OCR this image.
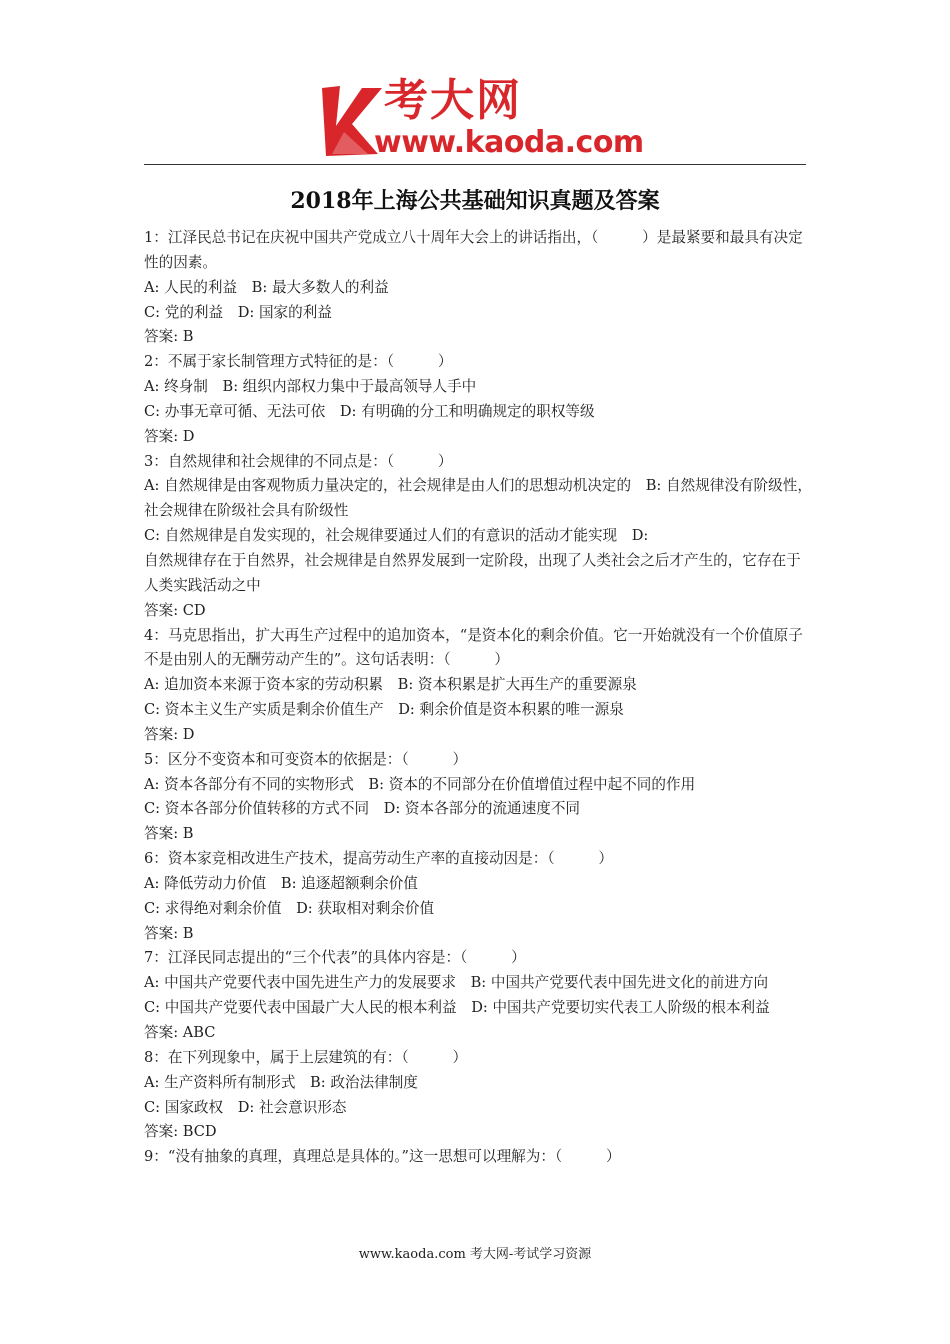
考大网
www.kaoda.com
2018年上海公共基础知识真题及答案
1：江泽民总书记在庆祝中国共产党成立八十周年大会上的讲话指出，（　　　）是最紧要和最具有决定性的因素。
A: 人民的利益　B: 最大多数人的利益
C: 党的利益　D: 国家的利益
答案: B
2：不属于家长制管理方式特征的是：（　　　）
A: 终身制　B: 组织内部权力集中于最高领导人手中
C: 办事无章可循、无法可依　D: 有明确的分工和明确规定的职权等级
答案: D
3：自然规律和社会规律的不同点是：（　　　）
A: 自然规律是由客观物质力量决定的，社会规律是由人们的思想动机决定的　B: 自然规律没有阶级性，社会规律在阶级社会具有阶级性
C: 自然规律是自发实现的，社会规律要通过人们的有意识的活动才能实现　D:
自然规律存在于自然界，社会规律是自然界发展到一定阶段，出现了人类社会之后才产生的，它存在于人类实践活动之中
答案: CD
4：马克思指出，扩大再生产过程中的追加资本，“是资本化的剩余价值。它一开始就没有一个价值原子不是由别人的无酬劳动产生的”。这句话表明：（　　　）
A: 追加资本来源于资本家的劳动积累　B: 资本积累是扩大再生产的重要源泉
C: 资本主义生产实质是剩余价值生产　D: 剩余价值是资本积累的唯一源泉
答案: D
5：区分不变资本和可变资本的依据是：（　　　）
A: 资本各部分有不同的实物形式　B: 资本的不同部分在价值增值过程中起不同的作用
C: 资本各部分价值转移的方式不同　D: 资本各部分的流通速度不同
答案: B
6：资本家竞相改进生产技术，提高劳动生产率的直接动因是：（　　　）
A: 降低劳动力价值　B: 追逐超额剩余价值
C: 求得绝对剩余价值　D: 获取相对剩余价值
答案: B
7：江泽民同志提出的“三个代表”的具体内容是：（　　　）
A: 中国共产党要代表中国先进生产力的发展要求　B: 中国共产党要代表中国先进文化的前进方向
C: 中国共产党要代表中国最广大人民的根本利益　D: 中国共产党要切实代表工人阶级的根本利益
答案: ABC
8：在下列现象中，属于上层建筑的有：（　　　）
A: 生产资料所有制形式　B: 政治法律制度
C: 国家政权　D: 社会意识形态
答案: BCD
9：“没有抽象的真理，真理总是具体的。”这一思想可以理解为：（　　　）
www.kaoda.com 考大网-考试学习资源
